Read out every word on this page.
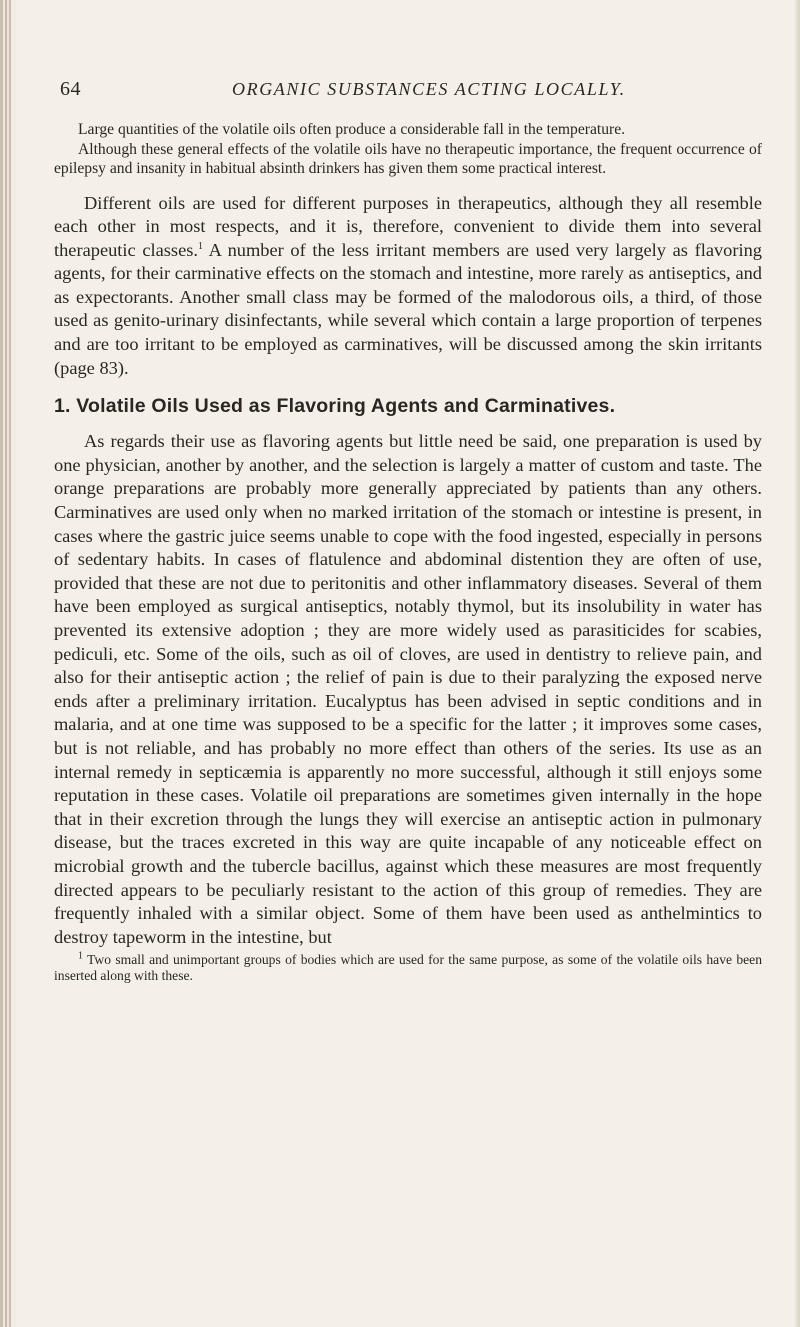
64	ORGANIC SUBSTANCES ACTING LOCALLY.

Large quantities of the volatile oils often produce a considerable fall in the temperature.

Although these general effects of the volatile oils have no therapeutic importance, the frequent occurrence of epilepsy and insanity in habitual absinth drinkers has given them some practical interest.

Different oils are used for different purposes in therapeutics, although they all resemble each other in most respects, and it is, therefore, convenient to divide them into several therapeutic classes.$^1$ A number of the less irritant members are used very largely as flavoring agents, for their carminative effects on the stomach and intestine, more rarely as antiseptics, and as expectorants. Another small class may be formed of the malodorous oils, a third, of those used as genito-urinary disinfectants, while several which contain a large proportion of terpenes and are too irritant to be employed as carminatives, will be discussed among the skin irritants (page 83).

1. Volatile Oils Used as Flavoring Agents and Carminatives.

As regards their use as flavoring agents but little need be said, one preparation is used by one physician, another by another, and the selection is largely a matter of custom and taste. The orange preparations are probably more generally appreciated by patients than any others. Carminatives are used only when no marked irritation of the stomach or intestine is present, in cases where the gastric juice seems unable to cope with the food ingested, especially in persons of sedentary habits. In cases of flatulence and abdominal distention they are often of use, provided that these are not due to peritonitis and other inflammatory diseases. Several of them have been employed as surgical antiseptics, notably thymol, but its insolubility in water has prevented its extensive adoption ; they are more widely used as parasiticides for scabies, pediculi, etc. Some of the oils, such as oil of cloves, are used in dentistry to relieve pain, and also for their antiseptic action ; the relief of pain is due to their paralyzing the exposed nerve ends after a preliminary irritation. Eucalyptus has been advised in septic conditions and in malaria, and at one time was supposed to be a specific for the latter ; it improves some cases, but is not reliable, and has probably no more effect than others of the series. Its use as an internal remedy in septicæmia is apparently no more successful, although it still enjoys some reputation in these cases. Volatile oil preparations are sometimes given internally in the hope that in their excretion through the lungs they will exercise an antiseptic action in pulmonary disease, but the traces excreted in this way are quite incapable of any noticeable effect on microbial growth and the tubercle bacillus, against which these measures are most frequently directed appears to be peculiarly resistant to the action of this group of remedies. They are frequently inhaled with a similar object. Some of them have been used as anthelmintics to destroy tapeworm in the intestine, but

$^1$ Two small and unimportant groups of bodies which are used for the same purpose, as some of the volatile oils have been inserted along with these.
